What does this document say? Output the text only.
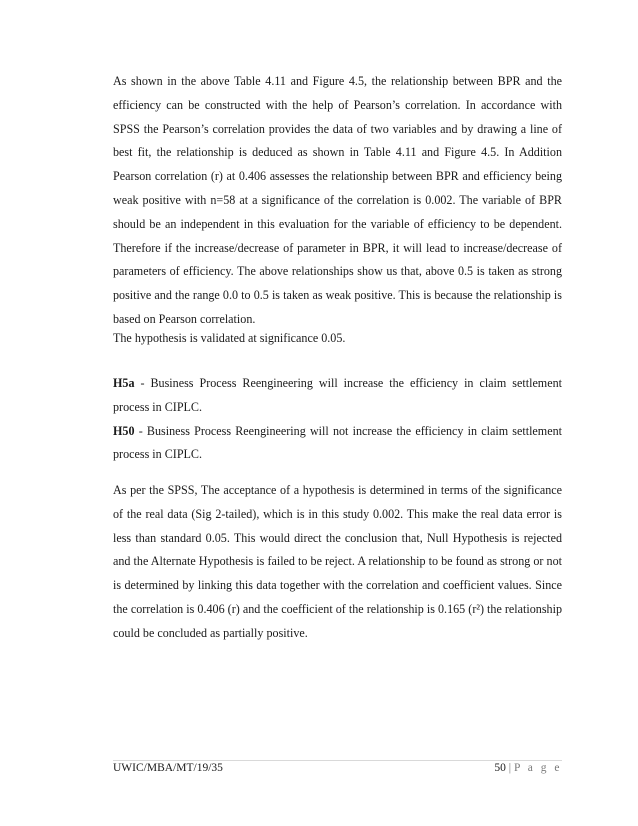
As shown in the above Table 4.11 and Figure 4.5, the relationship between BPR and the efficiency can be constructed with the help of Pearson’s correlation. In accordance with SPSS the Pearson’s correlation provides the data of two variables and by drawing a line of best fit, the relationship is deduced as shown in Table 4.11 and Figure 4.5. In Addition Pearson correlation (r) at 0.406 assesses the relationship between BPR and efficiency being weak positive with n=58 at a significance of the correlation is 0.002. The variable of BPR should be an independent in this evaluation for the variable of efficiency to be dependent. Therefore if the increase/decrease of parameter in BPR, it will lead to increase/decrease of parameters of efficiency. The above relationships show us that, above 0.5 is taken as strong positive and the range 0.0 to 0.5 is taken as weak positive. This is because the relationship is based on Pearson correlation.

The hypothesis is validated at significance 0.05.

H5a - Business Process Reengineering will increase the efficiency in claim settlement process in CIPLC.
H50 - Business Process Reengineering will not increase the efficiency in claim settlement process in CIPLC.

As per the SPSS, The acceptance of a hypothesis is determined in terms of the significance of the real data (Sig 2-tailed), which is in this study 0.002. This make the real data error is less than standard 0.05. This would direct the conclusion that, Null Hypothesis is rejected and the Alternate Hypothesis is failed to be reject. A relationship to be found as strong or not is determined by linking this data together with the correlation and coefficient values. Since the correlation is 0.406 (r) and the coefficient of the relationship is 0.165 (r²) the relationship could be concluded as partially positive.

UWIC/MBA/MT/19/35	50 | P a g e
